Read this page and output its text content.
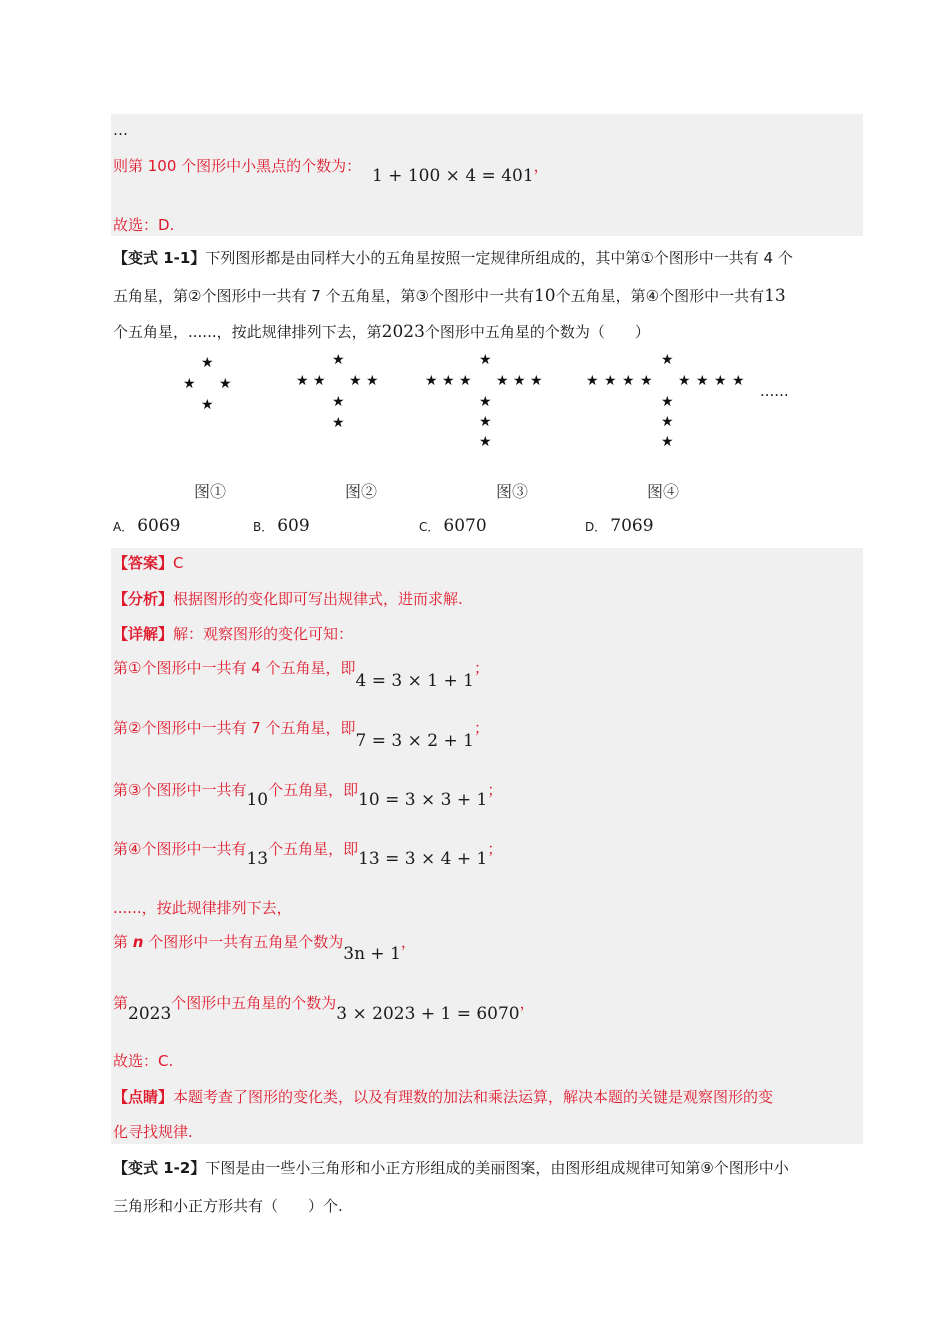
…
则第 100 个图形中小黑点的个数为： 1 + 100 × 4 = 401，
故选：D.
【变式 1-1】下列图形都是由同样大小的五角星按照一定规律所组成的，其中第①个图形中一共有 4 个
五角星，第②个图形中一共有 7 个五角星，第③个图形中一共有10个五角星，第④个图形中一共有13
个五角星，......，按此规律排列下去，第2023个图形中五角星的个数为（　　）
★
★ ★
★
★
★ ★ ★ ★
★
★
★
★ ★ ★ ★ ★ ★
★
★
★
★
★ ★ ★ ★ ★ ★ ★ ★
★
★
★
......
图①	图②	图③	图④
A． 6069	B． 609	C． 6070	D． 7069
【答案】C
【分析】根据图形的变化即可写出规律式，进而求解.
【详解】解：观察图形的变化可知：
第①个图形中一共有 4 个五角星，即4 = 3 × 1 + 1；
第②个图形中一共有 7 个五角星，即7 = 3 × 2 + 1；
第③个图形中一共有10个五角星，即10 = 3 × 3 + 1；
第④个图形中一共有13个五角星，即13 = 3 × 4 + 1；
......，按此规律排列下去，
第 n 个图形中一共有五角星个数为3n + 1，
第2023个图形中五角星的个数为3 × 2023 + 1 = 6070，
故选：C.
【点睛】本题考查了图形的变化类，以及有理数的加法和乘法运算，解决本题的关键是观察图形的变
化寻找规律.
【变式 1-2】下图是由一些小三角形和小正方形组成的美丽图案，由图形组成规律可知第⑨个图形中小
三角形和小正方形共有（　　）个.
